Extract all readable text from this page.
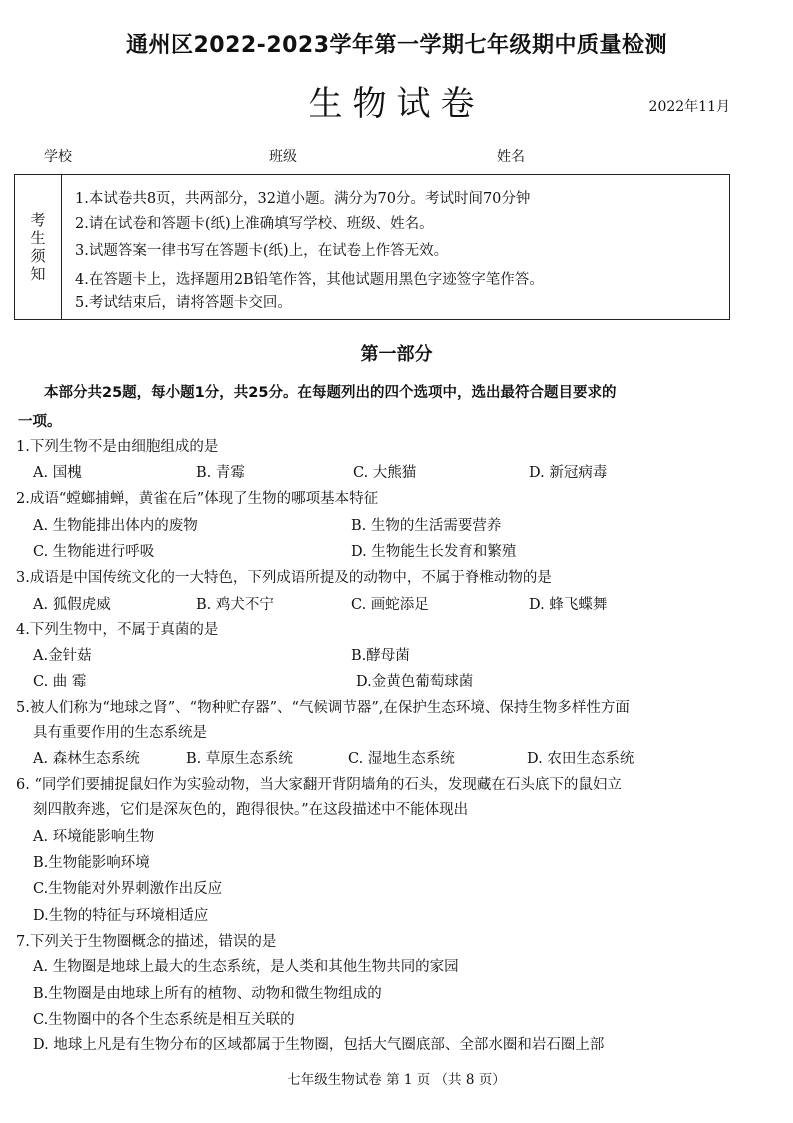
通州区2022-2023学年第一学期七年级期中质量检测
生物试卷	2022年11月
学校	班级	姓名
考生须知
1.本试卷共8页，共两部分，32道小题。满分为70分。考试时间70分钟
2.请在试卷和答题卡(纸)上准确填写学校、班级、姓名。
3.试题答案一律书写在答题卡(纸)上，在试卷上作答无效。
4.在答题卡上，选择题用2B铅笔作答，其他试题用黑色字迹签字笔作答。
5.考试结束后，请将答题卡交回。
第一部分
本部分共25题，每小题1分，共25分。在每题列出的四个选项中，选出最符合题目要求的
一项。
1.下列生物不是由细胞组成的是
A. 国槐	B. 青霉	C. 大熊猫	D. 新冠病毒
2.成语“螳螂捕蝉，黄雀在后”体现了生物的哪项基本特征
A. 生物能排出体内的废物	B. 生物的生活需要营养
C. 生物能进行呼吸	D. 生物能生长发育和繁殖
3.成语是中国传统文化的一大特色，下列成语所提及的动物中，不属于脊椎动物的是
A. 狐假虎威	B. 鸡犬不宁	C. 画蛇添足	D. 蜂飞蝶舞
4.下列生物中，不属于真菌的是
A.金针菇	B.酵母菌
C. 曲 霉	D.金黄色葡萄球菌
5.被人们称为“地球之肾”、“物种贮存器”、“气候调节器”,在保护生态环境、保持生物多样性方面
具有重要作用的生态系统是
A. 森林生态系统	B. 草原生态系统	C. 湿地生态系统	D. 农田生态系统
6. “同学们要捕捉鼠妇作为实验动物，当大家翻开背阴墙角的石头，发现藏在石头底下的鼠妇立
刻四散奔逃，它们是深灰色的，跑得很快。”在这段描述中不能体现出
A. 环境能影响生物
B.生物能影响环境
C.生物能对外界刺激作出反应
D.生物的特征与环境相适应
7.下列关于生物圈概念的描述，错误的是
A. 生物圈是地球上最大的生态系统，是人类和其他生物共同的家园
B.生物圈是由地球上所有的植物、动物和微生物组成的
C.生物圈中的各个生态系统是相互关联的
D. 地球上凡是有生物分布的区域都属于生物圈，包括大气圈底部、全部水圈和岩石圈上部
七年级生物试卷 第 1 页 （共 8 页）
